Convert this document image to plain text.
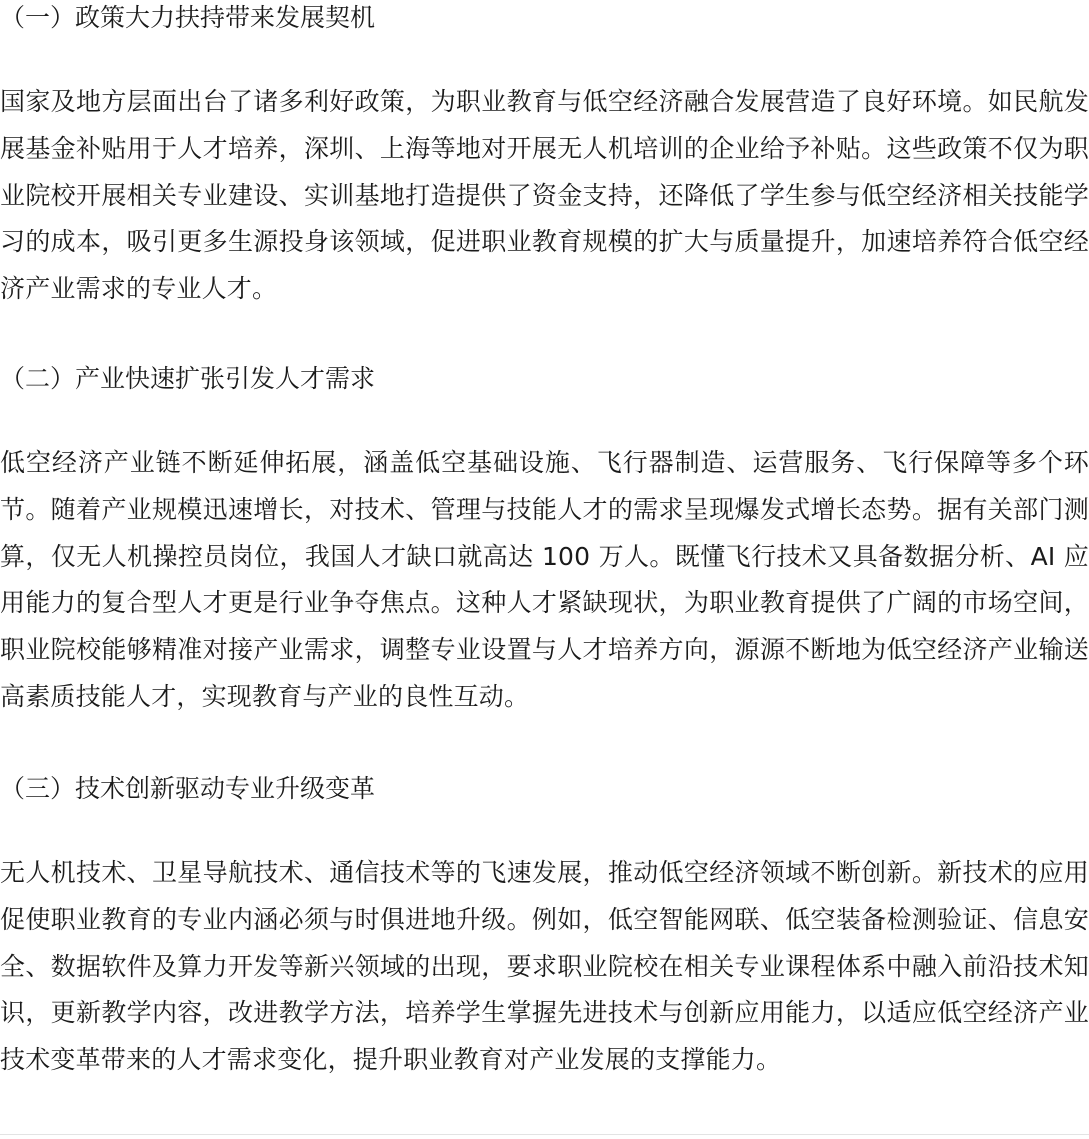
（一）政策大力扶持带来发展契机

国家及地方层面出台了诸多利好政策，为职业教育与低空经济融合发展营造了良好环境。如民航发展基金补贴用于人才培养，深圳、上海等地对开展无人机培训的企业给予补贴。这些政策不仅为职业院校开展相关专业建设、实训基地打造提供了资金支持，还降低了学生参与低空经济相关技能学习的成本，吸引更多生源投身该领域，促进职业教育规模的扩大与质量提升，加速培养符合低空经济产业需求的专业人才。

（二）产业快速扩张引发人才需求

低空经济产业链不断延伸拓展，涵盖低空基础设施、飞行器制造、运营服务、飞行保障等多个环节。随着产业规模迅速增长，对技术、管理与技能人才的需求呈现爆发式增长态势。据有关部门测算，仅无人机操控员岗位，我国人才缺口就高达 100 万人。既懂飞行技术又具备数据分析、AI 应用能力的复合型人才更是行业争夺焦点。这种人才紧缺现状，为职业教育提供了广阔的市场空间，职业院校能够精准对接产业需求，调整专业设置与人才培养方向，源源不断地为低空经济产业输送高素质技能人才，实现教育与产业的良性互动。

（三）技术创新驱动专业升级变革

无人机技术、卫星导航技术、通信技术等的飞速发展，推动低空经济领域不断创新。新技术的应用促使职业教育的专业内涵必须与时俱进地升级。例如，低空智能网联、低空装备检测验证、信息安全、数据软件及算力开发等新兴领域的出现，要求职业院校在相关专业课程体系中融入前沿技术知识，更新教学内容，改进教学方法，培养学生掌握先进技术与创新应用能力，以适应低空经济产业技术变革带来的人才需求变化，提升职业教育对产业发展的支撑能力。
